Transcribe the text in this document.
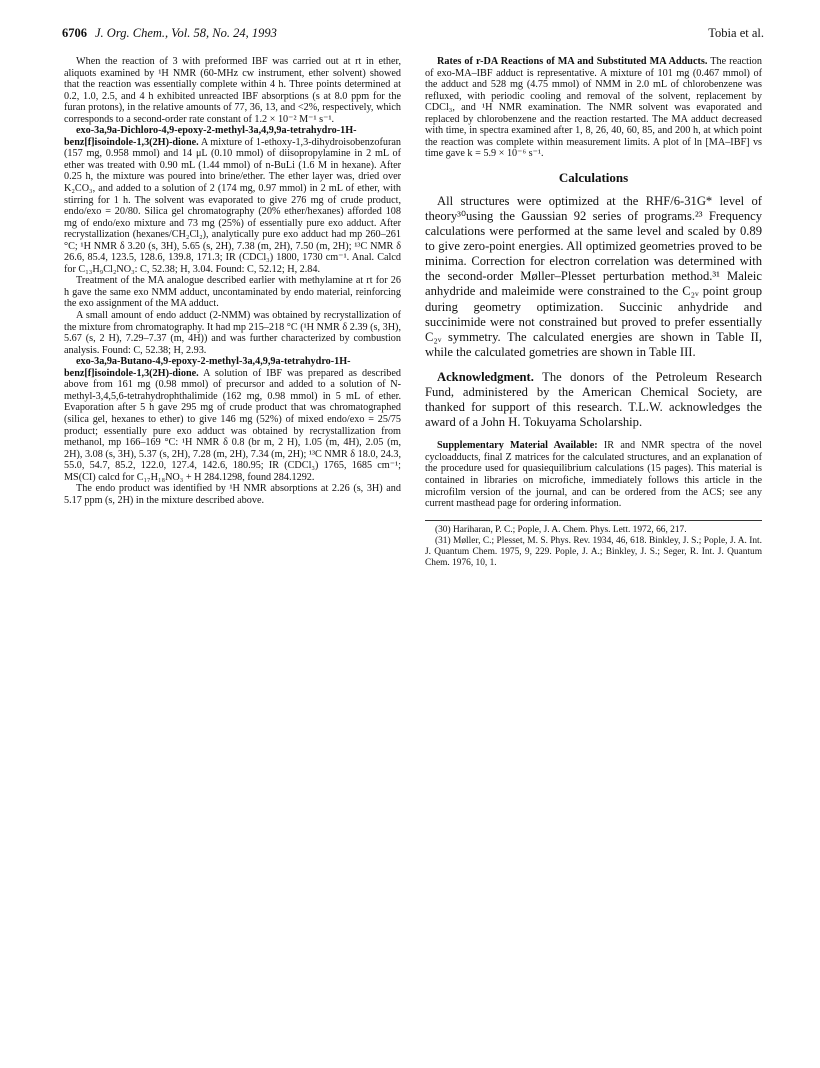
6706 J. Org. Chem., Vol. 58, No. 24, 1993	Tobia et al.

When the reaction of 3 with preformed IBF was carried out at rt in ether, aliquots examined by ¹H NMR (60-MHz cw instrument, ether solvent) showed that the reaction was essentially complete within 4 h. Three points determined at 0.2, 1.0, 2.5, and 4 h exhibited unreacted IBF absorptions (s at 8.0 ppm for the furan protons), in the relative amounts of 77, 36, 13, and <2%, respectively, which corresponds to a second-order rate constant of 1.2 × 10⁻² M⁻¹ s⁻¹.

exo-3a,9a-Dichloro-4,9-epoxy-2-methyl-3a,4,9,9a-tetrahydro-1H-benz[f]isoindole-1,3(2H)-dione. A mixture of 1-ethoxy-1,3-dihydroisobenzofuran (157 mg, 0.958 mmol) and 14 μL (0.10 mmol) of diisopropylamine in 2 mL of ether was treated with 0.90 mL (1.44 mmol) of n-BuLi (1.6 M in hexane). After 0.25 h, the mixture was poured into brine/ether. The ether layer was, dried over K₂CO₃, and added to a solution of 2 (174 mg, 0.97 mmol) in 2 mL of ether, with stirring for 1 h. The solvent was evaporated to give 276 mg of crude product, endo/exo = 20/80. Silica gel chromatography (20% ether/hexanes) afforded 108 mg of endo/exo mixture and 73 mg (25%) of essentially pure exo adduct. After recrystallization (hexanes/CH₂Cl₂), analytically pure exo adduct had mp 260–261 °C; ¹H NMR δ 3.20 (s, 3H), 5.65 (s, 2H), 7.38 (m, 2H), 7.50 (m, 2H); ¹³C NMR δ 26.6, 85.4, 123.5, 128.6, 139.8, 171.3; IR (CDCl₃) 1800, 1730 cm⁻¹. Anal. Calcd for C₁₃H₉Cl₂NO₃: C, 52.38; H, 3.04. Found: C, 52.12; H, 2.84.

Treatment of the MA analogue described earlier with methylamine at rt for 26 h gave the same exo NMM adduct, uncontaminated by endo material, reinforcing the exo assignment of the MA adduct.

A small amount of endo adduct (2-NMM) was obtained by recrystallization of the mixture from chromatography. It had mp 215–218 °C (¹H NMR δ 2.39 (s, 3H), 5.67 (s, 2 H), 7.29–7.37 (m, 4H)) and was further characterized by combustion analysis. Found: C, 52.38; H, 2.93.

exo-3a,9a-Butano-4,9-epoxy-2-methyl-3a,4,9,9a-tetrahydro-1H-benz[f]isoindole-1,3(2H)-dione. A solution of IBF was prepared as described above from 161 mg (0.98 mmol) of precursor and added to a solution of N-methyl-3,4,5,6-tetrahydrophthalimide (162 mg, 0.98 mmol) in 5 mL of ether. Evaporation after 5 h gave 295 mg of crude product that was chromatographed (silica gel, hexanes to ether) to give 146 mg (52%) of mixed endo/exo = 25/75 product; essentially pure exo adduct was obtained by recrystallization from methanol, mp 166–169 °C: ¹H NMR δ 0.8 (br m, 2 H), 1.05 (m, 4H), 2.05 (m, 2H), 3.08 (s, 3H), 5.37 (s, 2H), 7.28 (m, 2H), 7.34 (m, 2H); ¹³C NMR δ 18.0, 24.3, 55.0, 54.7, 85.2, 122.0, 127.4, 142.6, 180.95; IR (CDCl₃) 1765, 1685 cm⁻¹; MS(CI) calcd for C₁₇H₁₈NO₃ + H 284.1298, found 284.1292.

The endo product was identified by ¹H NMR absorptions at 2.26 (s, 3H) and 5.17 ppm (s, 2H) in the mixture described above.

Rates of r-DA Reactions of MA and Substituted MA Adducts. The reaction of exo-MA–IBF adduct is representative. A mixture of 101 mg (0.467 mmol) of the adduct and 528 mg (4.75 mmol) of NMM in 2.0 mL of chlorobenzene was refluxed, with periodic cooling and removal of the solvent, replacement by CDCl₃, and ¹H NMR examination. The NMR solvent was evaporated and replaced by chlorobenzene and the reaction restarted. The MA adduct decreased with time, in spectra examined after 1, 8, 26, 40, 60, 85, and 200 h, at which point the reaction was complete within measurement limits. A plot of ln [MA–IBF] vs time gave k = 5.9 × 10⁻⁶ s⁻¹.

Calculations

All structures were optimized at the RHF/6-31G* level of theory³⁰using the Gaussian 92 series of programs.²³ Frequency calculations were performed at the same level and scaled by 0.89 to give zero-point energies. All optimized geometries proved to be minima. Correction for electron correlation was determined with the second-order Møller–Plesset perturbation method.³¹ Maleic anhydride and maleimide were constrained to the C₂ᵥ point group during geometry optimization. Succinic anhydride and succinimide were not constrained but proved to prefer essentially C₂ᵥ symmetry. The calculated energies are shown in Table II, while the calculated gometries are shown in Table III.

Acknowledgment. The donors of the Petroleum Research Fund, administered by the American Chemical Society, are thanked for support of this research. T.L.W. acknowledges the award of a John H. Tokuyama Scholarship.

Supplementary Material Available: IR and NMR spectra of the novel cycloadducts, final Z matrices for the calculated structures, and an explanation of the procedure used for quasiequilibrium calculations (15 pages). This material is contained in libraries on microfiche, immediately follows this article in the microfilm version of the journal, and can be ordered from the ACS; see any current masthead page for ordering information.

(30) Hariharan, P. C.; Pople, J. A. Chem. Phys. Lett. 1972, 66, 217.

(31) Møller, C.; Plesset, M. S. Phys. Rev. 1934, 46, 618. Binkley, J. S.; Pople, J. A. Int. J. Quantum Chem. 1975, 9, 229. Pople, J. A.; Binkley, J. S.; Seger, R. Int. J. Quantum Chem. 1976, 10, 1.
